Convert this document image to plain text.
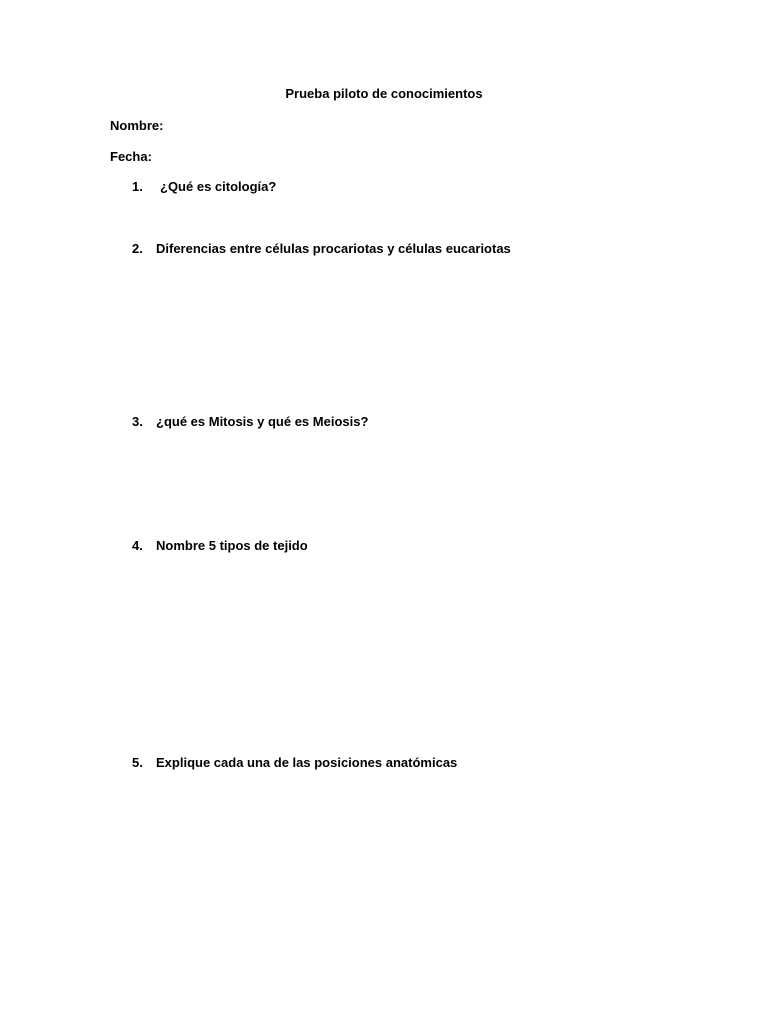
Prueba piloto de conocimientos
Nombre:
Fecha:
1. ¿Qué es citología?
2. Diferencias entre células procariotas y células eucariotas
3. ¿qué es Mitosis y qué es Meiosis?
4. Nombre 5 tipos de tejido
5. Explique cada una de las posiciones anatómicas
